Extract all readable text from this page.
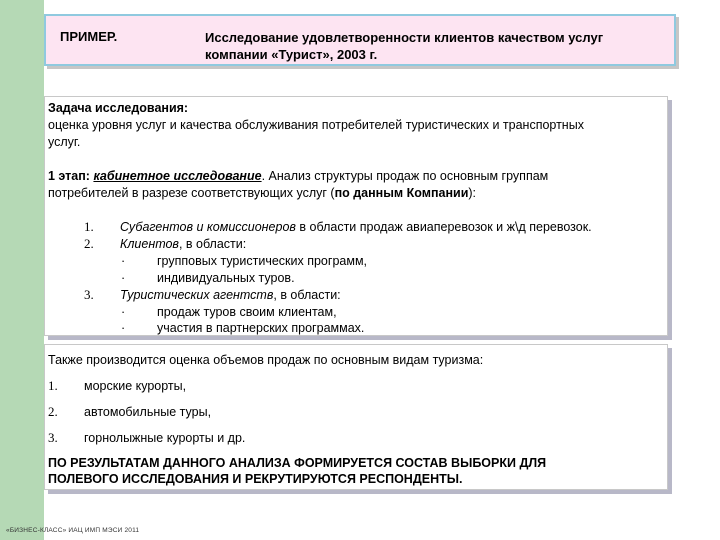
ПРИМЕР.	Исследование удовлетворенности клиентов качеством услуг
компании «Турист», 2003 г.
Задача исследования:
оценка уровня услуг и качества обслуживания потребителей туристических и транспортных
услуг.
1 этап: кабинетное исследование. Анализ структуры продаж по основным группам
потребителей в разрезе соответствующих услуг (по данным Компании):
1. Субагентов и комиссионеров в области продаж авиаперевозок и ж\д перевозок.
2. Клиентов, в области:
·	групповых туристических программ,
·	индивидуальных туров.
3. Туристических агентств, в области:
·	продаж туров своим клиентам,
·	участия в партнерских программах.
Также производится оценка объемов продаж по основным видам туризма:
1. морские курорты,
2. автомобильные туры,
3. горнолыжные курорты и др.
ПО РЕЗУЛЬТАТАМ ДАННОГО АНАЛИЗА ФОРМИРУЕТСЯ СОСТАВ ВЫБОРКИ ДЛЯ
ПОЛЕВОГО ИССЛЕДОВАНИЯ И РЕКРУТИРУЮТСЯ РЕСПОНДЕНТЫ.
«БИЗНЕС-КЛАСС» ИАЦ ИМП МЭСИ 2011
